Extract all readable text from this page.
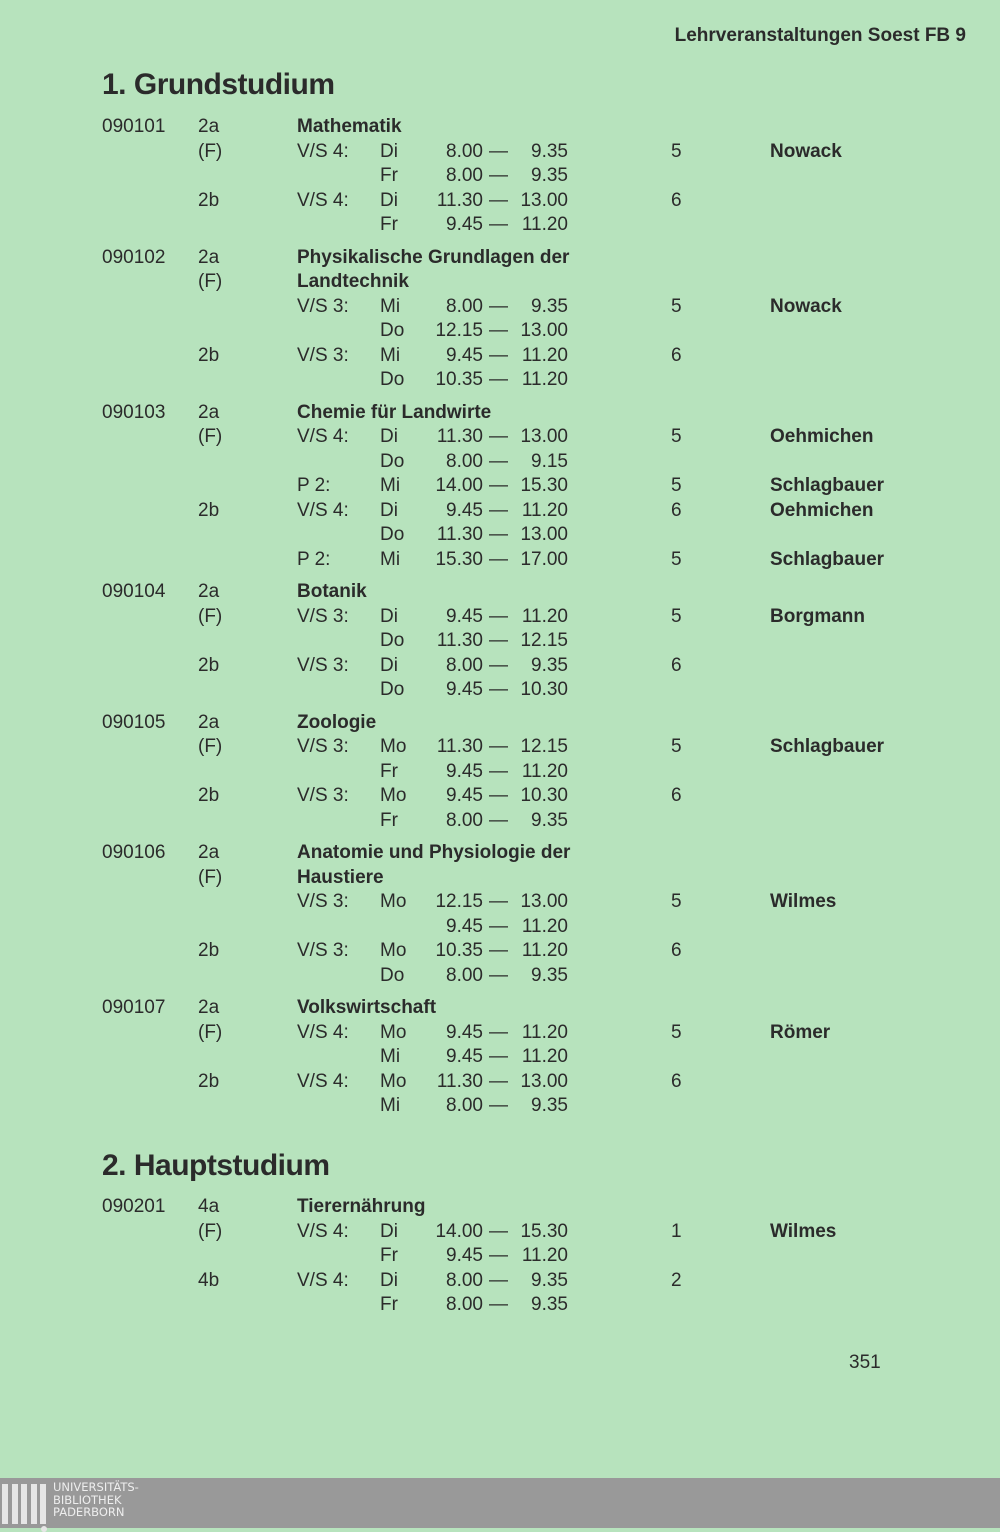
Lehrveranstaltungen Soest FB 9
1. Grundstudium
090101 2a	Mathematik
(F)	V/S 4: Di	8.00 — 9.35	5	Nowack
Fr	8.00 — 9.35
2b	V/S 4: Di 11.30 — 13.00	6
Fr	9.45 — 11.20
090102 2a	Physikalische Grundlagen der
(F)	Landtechnik
V/S 3: Mi 8.00 — 9.35	5	Nowack
Do 12.15 — 13.00
2b	V/S 3: Mi 9.45 — 11.20	6
Do 10.35 — 11.20
090103 2a	Chemie für Landwirte
(F)	V/S 4: Di 11.30 — 13.00	5	Oehmichen
Do 8.00 — 9.15
P 2:	Mi 14.00 — 15.30	5	Schlagbauer
2b	V/S 4: Di	9.45 — 11.20	6	Oehmichen
Do 11.30 — 13.00
P 2:	Mi 15.30 — 17.00	5	Schlagbauer
090104 2a	Botanik
(F)	V/S 3: Di	9.45 — 11.20	5	Borgmann
Do 11.30 — 12.15
2b	V/S 3: Di	8.00 — 9.35	6
Do 9.45 — 10.30
090105 2a	Zoologie
(F)	V/S 3: Mo 11.30 — 12.15	5	Schlagbauer
Fr	9.45 — 11.20
2b	V/S 3: Mo 9.45 — 10.30	6
Fr	8.00 — 9.35
090106 2a	Anatomie und Physiologie der
(F)	Haustiere
V/S 3: Mo 12.15 — 13.00	5	Wilmes
9.45 — 11.20
2b	V/S 3: Mo 10.35 — 11.20	6
Do 8.00 — 9.35
090107 2a	Volkswirtschaft
(F)	V/S 4: Mo 9.45 — 11.20	5	Römer
Mi 9.45 — 11.20
2b	V/S 4: Mo 11.30 — 13.00	6
Mi 8.00 — 9.35
2. Hauptstudium
090201 4a	Tierernährung
(F)	V/S 4: Di 14.00 — 15.30	1	Wilmes
Fr	9.45 — 11.20
4b	V/S 4: Di	8.00 — 9.35	2
Fr	8.00 — 9.35
351
UNIVERSITÄTS-
BIBLIOTHEK
PADERBORN
